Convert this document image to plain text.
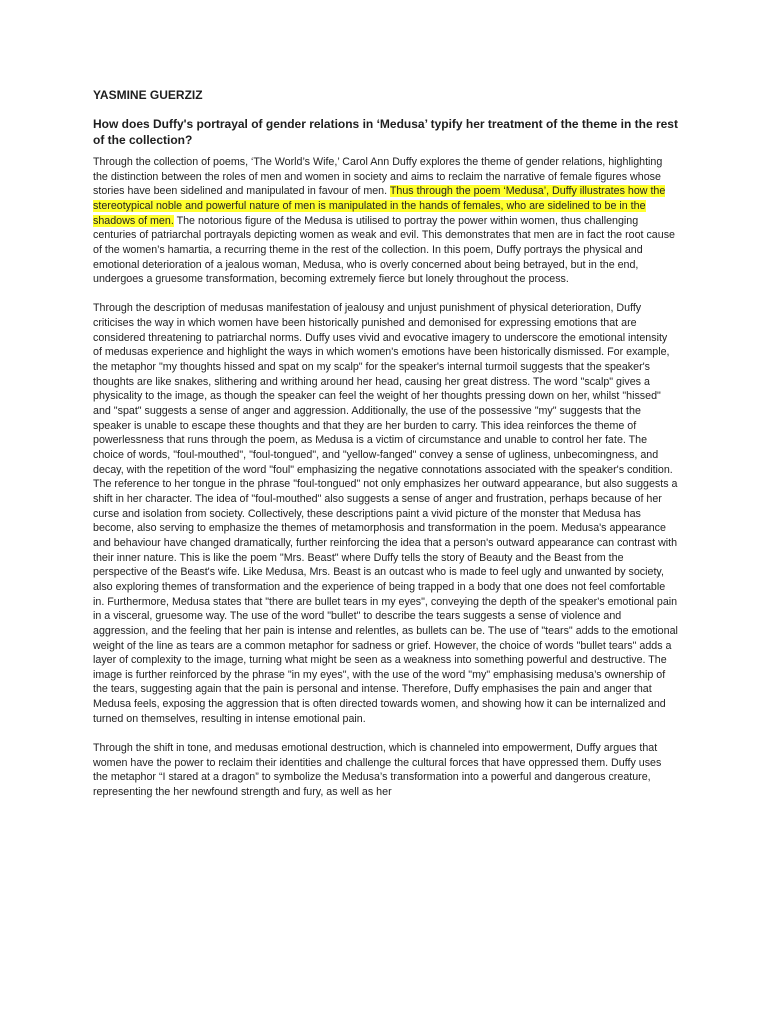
YASMINE GUERZIZ
How does Duffy's portrayal of gender relations in ‘Medusa’ typify her treatment of the theme in the rest of the collection?

Through the collection of poems, ‘The World’s Wife,’ Carol Ann Duffy explores the theme of gender relations, highlighting the distinction between the roles of men and women in society and aims to reclaim the narrative of female figures whose stories have been sidelined and manipulated in favour of men. Thus through the poem ‘Medusa’, Duffy illustrates how the stereotypical noble and powerful nature of men is manipulated in the hands of females, who are sidelined to be in the shadows of men. The notorious figure of the Medusa is utilised to portray the power within women, thus challenging centuries of patriarchal portrayals depicting women as weak and evil. This demonstrates that men are in fact the root cause of the women’s hamartia, a recurring theme in the rest of the collection. In this poem, Duffy portrays the physical and emotional deterioration of a jealous woman, Medusa, who is overly concerned about being betrayed, but in the end, undergoes a gruesome transformation, becoming extremely fierce but lonely throughout the process.

Through the description of medusas manifestation of jealousy and unjust punishment of physical deterioration, Duffy criticises the way in which women have been historically punished and demonised for expressing emotions that are considered threatening to patriarchal norms. Duffy uses vivid and evocative imagery to underscore the emotional intensity of medusas experience and highlight the ways in which women's emotions have been historically dismissed. For example, the metaphor "my thoughts hissed and spat on my scalp" for the speaker's internal turmoil suggests that the speaker's thoughts are like snakes, slithering and writhing around her head, causing her great distress. The word "scalp" gives a physicality to the image, as though the speaker can feel the weight of her thoughts pressing down on her, whilst "hissed" and "spat" suggests a sense of anger and aggression. Additionally, the use of the possessive "my" suggests that the speaker is unable to escape these thoughts and that they are her burden to carry. This idea reinforces the theme of powerlessness that runs through the poem, as Medusa is a victim of circumstance and unable to control her fate. The choice of words, "foul-mouthed", "foul-tongued", and "yellow-fanged" convey a sense of ugliness, unbecomingness, and decay, with the repetition of the word "foul" emphasizing the negative connotations associated with the speaker's condition. The reference to her tongue in the phrase "foul-tongued" not only emphasizes her outward appearance, but also suggests a shift in her character. The idea of "foul-mouthed" also suggests a sense of anger and frustration, perhaps because of her curse and isolation from society. Collectively, these descriptions paint a vivid picture of the monster that Medusa has become, also serving to emphasize the themes of metamorphosis and transformation in the poem. Medusa's appearance and behaviour have changed dramatically, further reinforcing the idea that a person's outward appearance can contrast with their inner nature. This is like the poem "Mrs. Beast" where Duffy tells the story of Beauty and the Beast from the perspective of the Beast's wife. Like Medusa, Mrs. Beast is an outcast who is made to feel ugly and unwanted by society, also exploring themes of transformation and the experience of being trapped in a body that one does not feel comfortable in. Furthermore, Medusa states that "there are bullet tears in my eyes", conveying the depth of the speaker's emotional pain in a visceral, gruesome way. The use of the word "bullet" to describe the tears suggests a sense of violence and aggression, and the feeling that her pain is intense and relentles, as bullets can be. The use of "tears" adds to the emotional weight of the line as tears are a common metaphor for sadness or grief. However, the choice of words "bullet tears" adds a layer of complexity to the image, turning what might be seen as a weakness into something powerful and destructive. The image is further reinforced by the phrase "in my eyes", with the use of the word "my" emphasising medusa’s ownership of the tears, suggesting again that the pain is personal and intense. Therefore, Duffy emphasises the pain and anger that Medusa feels, exposing the aggression that is often directed towards women, and showing how it can be internalized and turned on themselves, resulting in intense emotional pain.

Through the shift in tone, and medusas emotional destruction, which is channeled into empowerment, Duffy argues that women have the power to reclaim their identities and challenge the cultural forces that have oppressed them. Duffy uses the metaphor “I stared at a dragon” to symbolize the Medusa’s transformation into a powerful and dangerous creature, representing the her newfound strength and fury, as well as her
